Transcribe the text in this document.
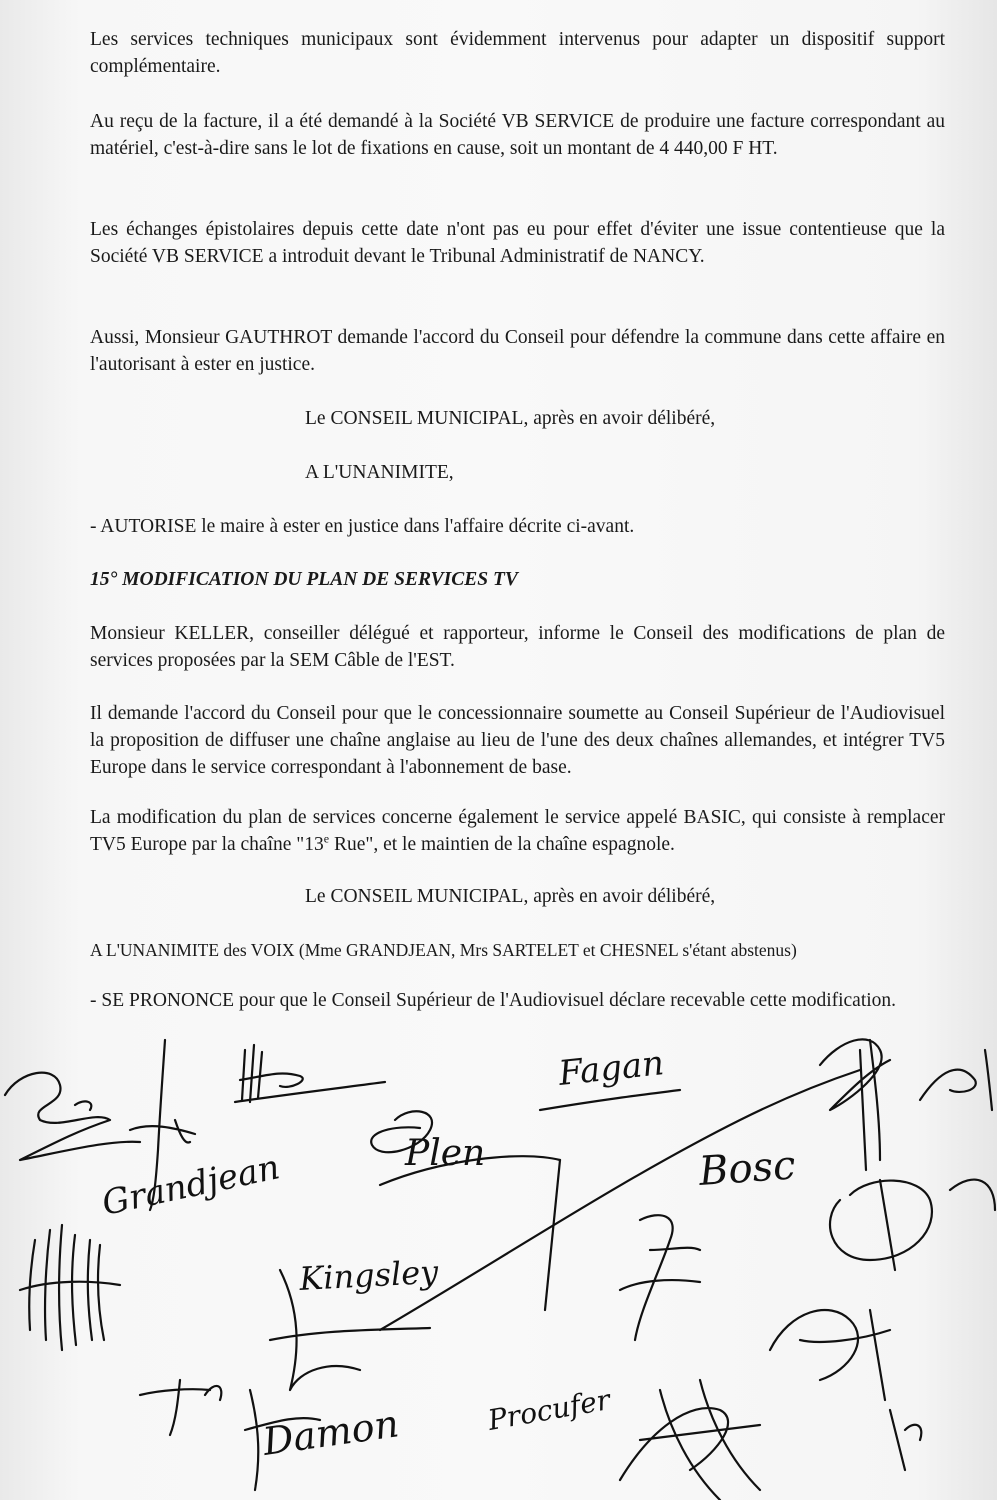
Les services techniques municipaux sont évidemment intervenus pour adapter un dispositif support complémentaire.

Au reçu de la facture, il a été demandé à la Société VB SERVICE de produire une facture correspondant au matériel, c'est-à-dire sans le lot de fixations en cause, soit un montant de 4 440,00 F HT.

Les échanges épistolaires depuis cette date n'ont pas eu pour effet d'éviter une issue contentieuse que la Société VB SERVICE a introduit devant le Tribunal Administratif de NANCY.

Aussi, Monsieur GAUTHROT demande l'accord du Conseil pour défendre la commune dans cette affaire en l'autorisant à ester en justice.

Le CONSEIL MUNICIPAL, après en avoir délibéré,

A L'UNANIMITE,

- AUTORISE le maire à ester en justice dans l'affaire décrite ci-avant.

15° MODIFICATION DU PLAN DE SERVICES TV

Monsieur KELLER, conseiller délégué et rapporteur, informe le Conseil des modifications de plan de services proposées par la SEM Câble de l'EST.

Il demande l'accord du Conseil pour que le concessionnaire soumette au Conseil Supérieur de l'Audiovisuel la proposition de diffuser une chaîne anglaise au lieu de l'une des deux chaînes allemandes, et intégrer TV5 Europe dans le service correspondant à l'abonnement de base.

La modification du plan de services concerne également le service appelé BASIC, qui consiste à remplacer TV5 Europe par la chaîne "13e Rue", et le maintien de la chaîne espagnole.

Le CONSEIL MUNICIPAL, après en avoir délibéré,

A L'UNANIMITE des VOIX (Mme GRANDJEAN, Mrs SARTELET et CHESNEL s'étant abstenus)

- SE PRONONCE pour que le Conseil Supérieur de l'Audiovisuel déclare recevable cette modification.

Grandjean	Plen
Fagan
Bosc
Kingsley
Damon	Procufer
